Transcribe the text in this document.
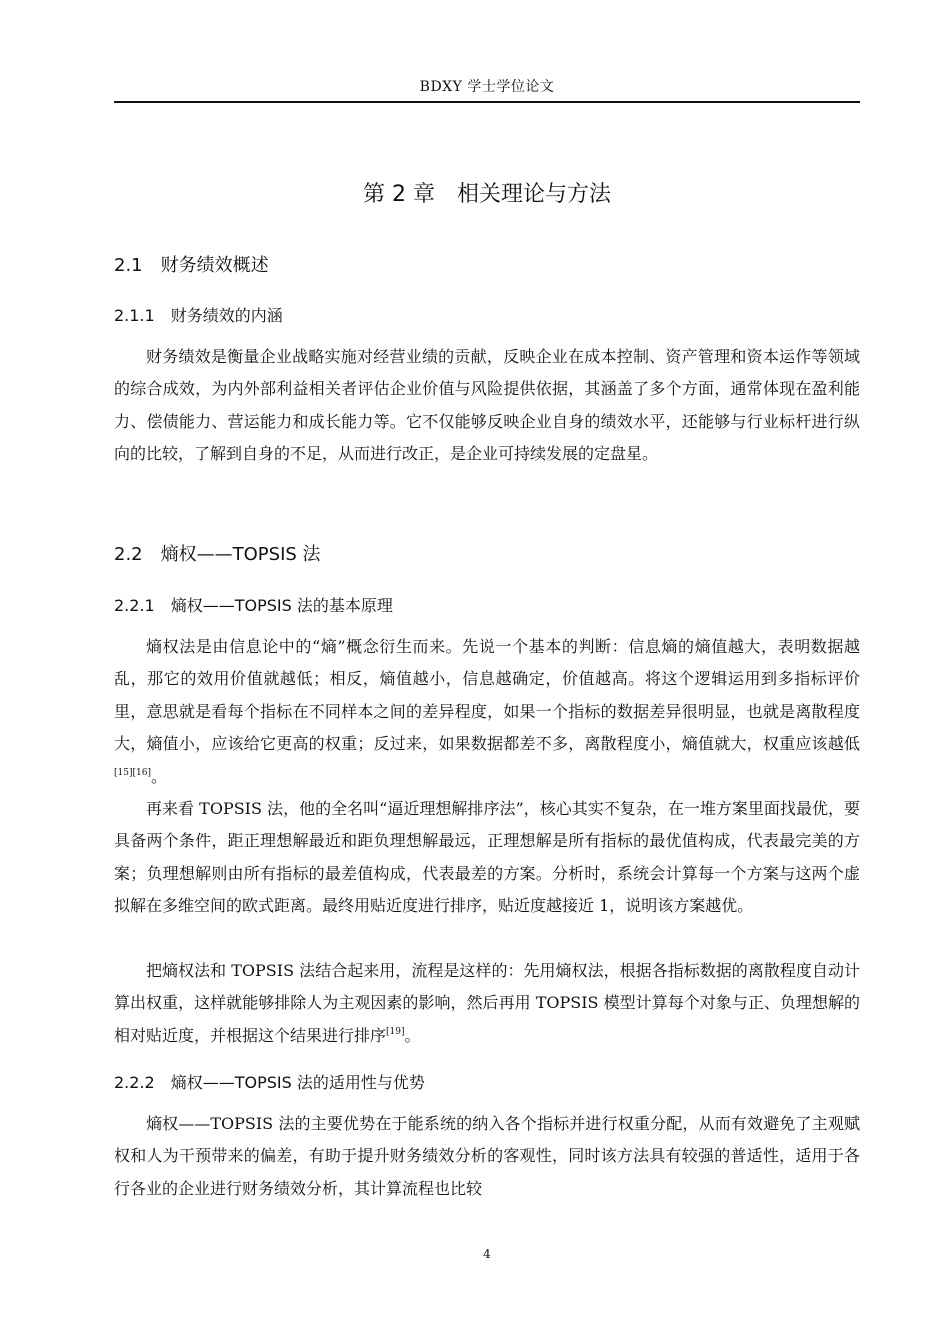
BDXY 学士学位论文
第 2 章　相关理论与方法
2.1　财务绩效概述
2.1.1　财务绩效的内涵

财务绩效是衡量企业战略实施对经营业绩的贡献，反映企业在成本控制、资产管理和资本运作等领域的综合成效，为内外部利益相关者评估企业价值与风险提供依据，其涵盖了多个方面，通常体现在盈利能力、偿债能力、营运能力和成长能力等。它不仅能够反映企业自身的绩效水平，还能够与行业标杆进行纵向的比较，了解到自身的不足，从而进行改正，是企业可持续发展的定盘星。

2.2　熵权——TOPSIS 法
2.2.1　熵权——TOPSIS 法的基本原理

熵权法是由信息论中的“熵”概念衍生而来。先说一个基本的判断：信息熵的熵值越大，表明数据越乱，那它的效用价值就越低；相反，熵值越小，信息越确定，价值越高。将这个逻辑运用到多指标评价里，意思就是看每个指标在不同样本之间的差异程度，如果一个指标的数据差异很明显，也就是离散程度大，熵值小，应该给它更高的权重；反过来，如果数据都差不多，离散程度小，熵值就大，权重应该越低[15][16]。

再来看 TOPSIS 法，他的全名叫“逼近理想解排序法”，核心其实不复杂，在一堆方案里面找最优，要具备两个条件，距正理想解最近和距负理想解最远，正理想解是所有指标的最优值构成，代表最完美的方案；负理想解则由所有指标的最差值构成，代表最差的方案。分析时，系统会计算每一个方案与这两个虚拟解在多维空间的欧式距离。最终用贴近度进行排序，贴近度越接近 1，说明该方案越优。

把熵权法和 TOPSIS 法结合起来用，流程是这样的：先用熵权法，根据各指标数据的离散程度自动计算出权重，这样就能够排除人为主观因素的影响，然后再用 TOPSIS 模型计算每个对象与正、负理想解的相对贴近度，并根据这个结果进行排序[19]。

2.2.2　熵权——TOPSIS 法的适用性与优势

熵权——TOPSIS 法的主要优势在于能系统的纳入各个指标并进行权重分配，从而有效避免了主观赋权和人为干预带来的偏差，有助于提升财务绩效分析的客观性，同时该方法具有较强的普适性，适用于各行各业的企业进行财务绩效分析，其计算流程也比较

4
